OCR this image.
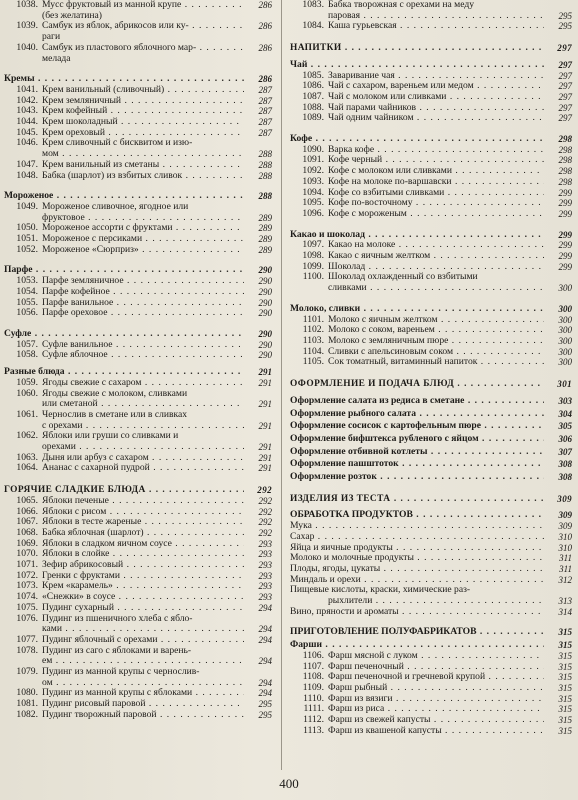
1038. Мусс фруктовый из манной крупе . . .	286
(без желатина)
1039. Самбук из яблок, абрикосов или ку- . . .	286
раги
1040. Самбук из пластового яблочного мар- . . .	286
мелада
Кремы . . .	286
1041. Крем ванильный (сливочный) . . .	287
1042. Крем земляничный . . .	287
1043. Крем кофейный . . .	287
1044. Крем шоколадный . . .	287
1045. Крем ореховый . . .	287
1046. Крем сливочный с бисквитом и изю-
мом . . .	288
1047. Крем ванильный из сметаны . . .	288
1048. Бабка (шарлот) из взбитых сливок . . .	288
Мороженое . . .	288
1049. Мороженое сливочное, ягодное или
фруктовое . . .	289
1050. Мороженое ассорти с фруктами . . .	289
1051. Мороженое с персиками . . .	289
1052. Мороженое «Сюрприз» . . .	289
Парфе . . .	290
1053. Парфе земляничное . . .	290
1054. Парфе кофейное . . .	290
1055. Парфе ванильное . . .	290
1056. Парфе ореховое . . .	290
Суфле . . .	290
1057. Суфле ванильное . . .	290
1058. Суфле яблочное . . .	290
Разные блюда . . .	291
1059. Ягоды свежие с сахаром . . .	291
1060. Ягоды свежие с молоком, сливками
или сметаной . . .	291
1061. Чернослив в сметане или в сливках
с орехами . . .	291
1062. Яблоки или груши со сливками и
орехами . . .	291
1063. Дыня или арбуз с сахаром . . .	291
1064. Ананас с сахарной пудрой . . .	291
ГОРЯЧИЕ СЛАДКИЕ БЛЮДА . . .	292
1065. Яблоки печеные . . .	292
1066. Яблоки с рисом . . .	292
1067. Яблоки в тесте жареные . . .	292
1068. Бабка яблочная (шарлот) . . .	292
1069. Яблоки в сладком яичном соусе . . .	293
1070. Яблоки в слойке . . .	293
1071. Зефир абрикосовый . . .	293
1072. Гренки с фруктами . . .	293
1073. Крем «карамель» . . .	293
1074. «Снежки» в соусе . . .	293
1075. Пудинг сухарный . . .	294
1076. Пудинг из пшеничного хлеба с ябло-
ками . . .	294
1077. Пудинг яблочный с орехами . . .	294
1078. Пудинг из саго с яблоками и варень-
ем . . .	294
1079. Пудинг из манной крупы с чернослив-
ом . . .	294
1080. Пудинг из манной крупы с яблоками . . .	294
1081. Пудинг рисовый паровой . . .	295
1082. Пудинг творожный паровой . . .	295
1083. Бабка творожная с орехами на меду
паровая . . .	295
1084. Каша гурьевская . . .	295
НАПИТКИ . . .	297
Чай . . .	297
1085. Заваривание чая . . .	297
1086. Чай с сахаром, вареньем или медом . . .	297
1087. Чай с молоком или сливками . . .	297
1088. Чай парами чайников . . .	297
1089. Чай одним чайником . . .	297
Кофе . . .	298
1090. Варка кофе . . .	298
1091. Кофе черный . . .	298
1092. Кофе с молоком или сливками . . .	298
1093. Кофе на молоке по-варшавски . . .	298
1094. Кофе со взбитыми сливками . . .	299
1095. Кофе по-восточному . . .	299
1096. Кофе с мороженым . . .	299
Какао и шоколад . . .	299
1097. Какао на молоке . . .	299
1098. Какао с яичным желтком . . .	299
1099. Шоколад . . .	299
1100. Шоколад охлажденный со взбитыми
сливками . . .	300
Молоко, сливки . . .	300
1101. Молоко с яичным желтком . . .	300
1102. Молоко с соком, вареньем . . .	300
1103. Молоко с земляничным пюре . . .	300
1104. Сливки с апельсиновым соком . . .	300
1105. Сок томатный, витаминный напиток . . .	300
ОФОРМЛЕНИЕ И ПОДАЧА БЛЮД . . .	301
Оформление салата из редиса в сметане . . .	303
Оформление рыбного салата . . .	304
Оформление сосисок с картофельным пюре . . .	305
Оформление бифштекса рубленого с яйцом . . .	306
Оформление отбивной котлеты . . .	307
Оформление пашштоток . . .	308
Оформление розток . . .	308
ИЗДЕЛИЯ ИЗ ТЕСТА . . .	309
ОБРАБОТКА ПРОДУКТОВ . . .	309
Мука . . .	309
Сахар . . .	310
Яйца и яичные продукты . . .	310
Молоко и молочные продукты . . .	311
Плоды, ягоды, цукаты . . .	311
Миндаль и орехи . . .	312
Пищевые кислоты, краски, химические раз-
рыхлители . . .	313
Вино, пряности и ароматы . . .	314
ПРИГОТОВЛЕНИЕ ПОЛУФАБРИКАТОВ . . .	315
Фарши . . .	315
1106. Фарш мясной с луком . . .	315
1107. Фарш печеночный . . .	315
1108. Фарш печеночной и гречневой крупой . . .	315
1109. Фарш рыбный . . .	315
1110. Фарш из вязиги . . .	315
1111. Фарш из риса . . .	315
1112. Фарш из свежей капусты . . .	315
1113. Фарш из квашеной капусты . . .	315
400
